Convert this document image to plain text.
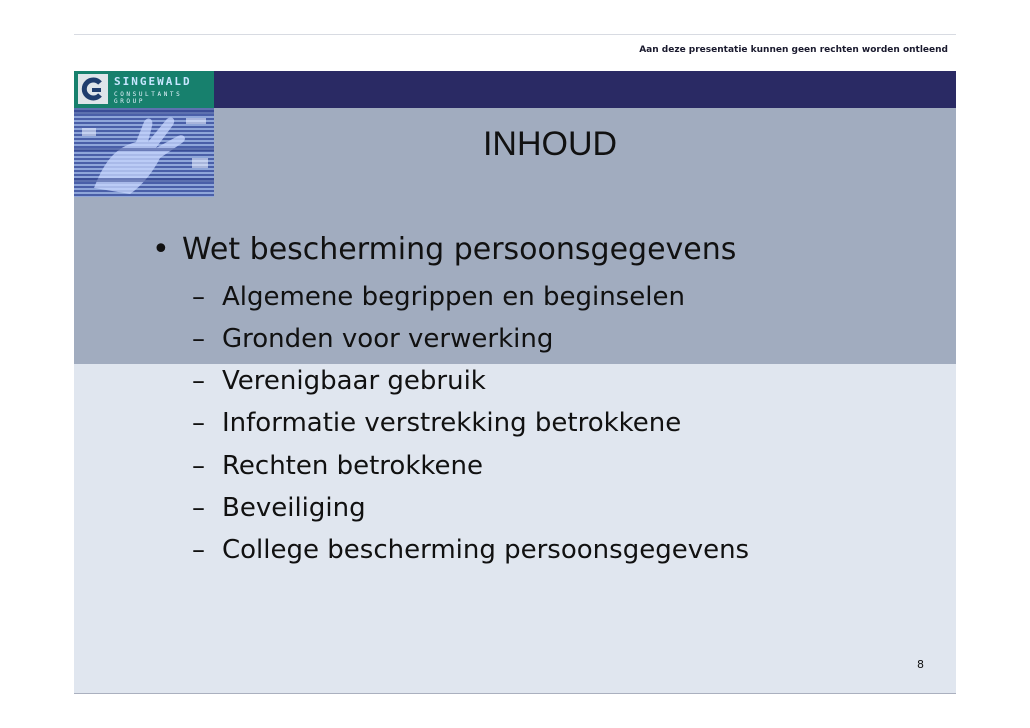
Aan deze presentatie kunnen geen rechten worden ontleend
SINGEWALD
CONSULTANTS GROUP
INHOUD
• Wet bescherming persoonsgegevens
– Algemene begrippen en beginselen
– Gronden voor verwerking
– Verenigbaar gebruik
– Informatie verstrekking betrokkene
– Rechten betrokkene
– Beveiliging
– College bescherming persoonsgegevens
8
